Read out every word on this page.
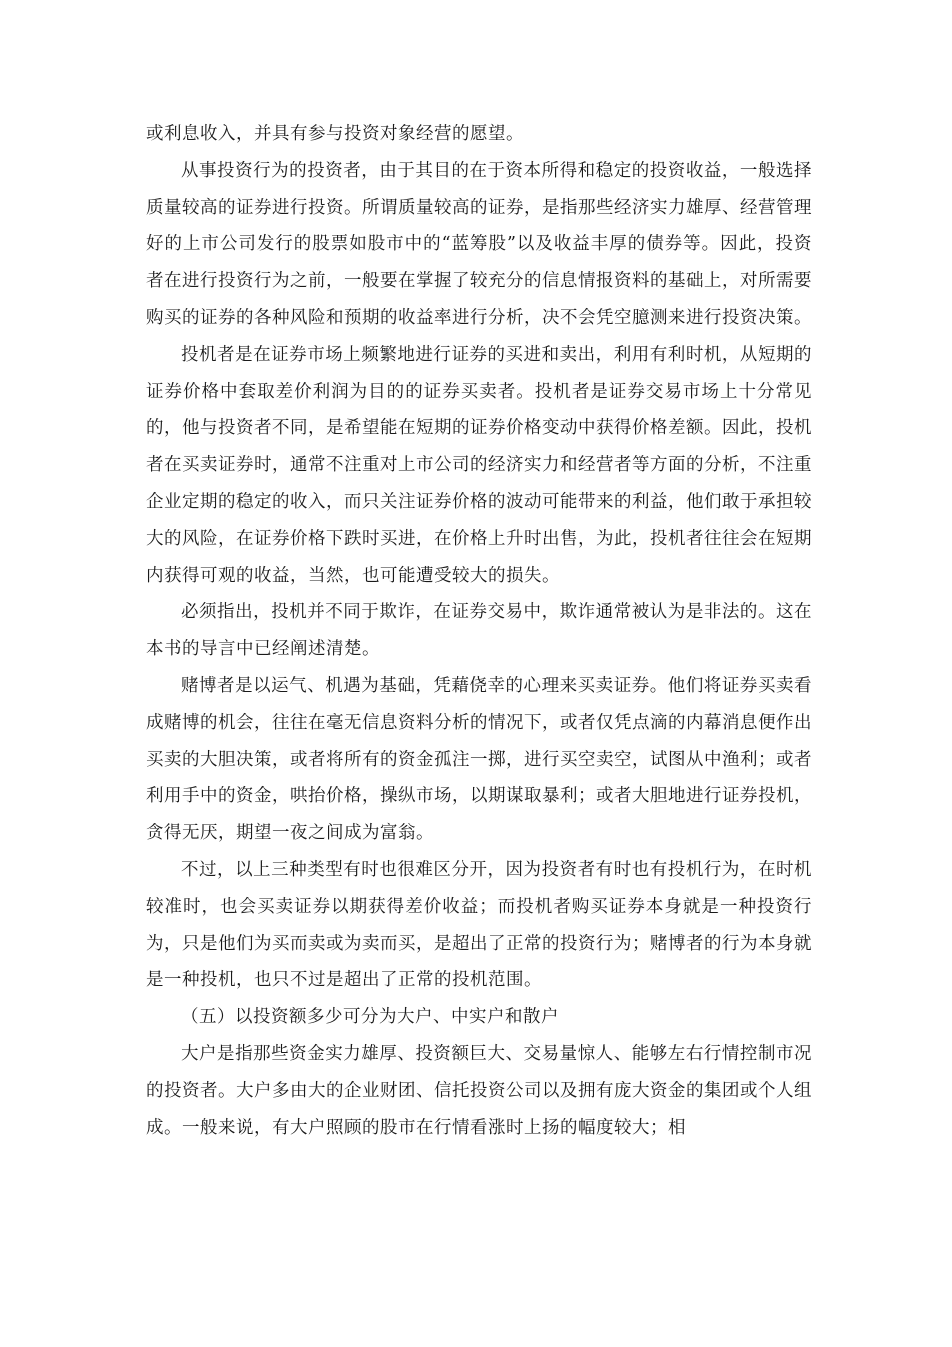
或利息收入，并具有参与投资对象经营的愿望。

从事投资行为的投资者，由于其目的在于资本所得和稳定的投资收益，一般选择质量较高的证券进行投资。所谓质量较高的证券，是指那些经济实力雄厚、经营管理好的上市公司发行的股票如股市中的“蓝筹股”以及收益丰厚的债券等。因此，投资者在进行投资行为之前，一般要在掌握了较充分的信息情报资料的基础上，对所需要购买的证券的各种风险和预期的收益率进行分析，决不会凭空臆测来进行投资决策。

投机者是在证券市场上频繁地进行证券的买进和卖出，利用有利时机，从短期的证券价格中套取差价利润为目的的证券买卖者。投机者是证券交易市场上十分常见的，他与投资者不同，是希望能在短期的证券价格变动中获得价格差额。因此，投机者在买卖证券时，通常不注重对上市公司的经济实力和经营者等方面的分析，不注重企业定期的稳定的收入，而只关注证券价格的波动可能带来的利益，他们敢于承担较大的风险，在证券价格下跌时买进，在价格上升时出售，为此，投机者往往会在短期内获得可观的收益，当然，也可能遭受较大的损失。

必须指出，投机并不同于欺诈，在证券交易中，欺诈通常被认为是非法的。这在本书的导言中已经阐述清楚。

赌博者是以运气、机遇为基础，凭藉侥幸的心理来买卖证券。他们将证券买卖看成赌博的机会，往往在毫无信息资料分析的情况下，或者仅凭点滴的内幕消息便作出买卖的大胆决策，或者将所有的资金孤注一掷，进行买空卖空，试图从中渔利；或者利用手中的资金，哄抬价格，操纵市场，以期谋取暴利；或者大胆地进行证券投机，贪得无厌，期望一夜之间成为富翁。

不过，以上三种类型有时也很难区分开，因为投资者有时也有投机行为，在时机较准时，也会买卖证券以期获得差价收益；而投机者购买证券本身就是一种投资行为，只是他们为买而卖或为卖而买，是超出了正常的投资行为；赌博者的行为本身就是一种投机，也只不过是超出了正常的投机范围。

（五）以投资额多少可分为大户、中实户和散户

大户是指那些资金实力雄厚、投资额巨大、交易量惊人、能够左右行情控制市况的投资者。大户多由大的企业财团、信托投资公司以及拥有庞大资金的集团或个人组成。一般来说，有大户照顾的股市在行情看涨时上扬的幅度较大；相
